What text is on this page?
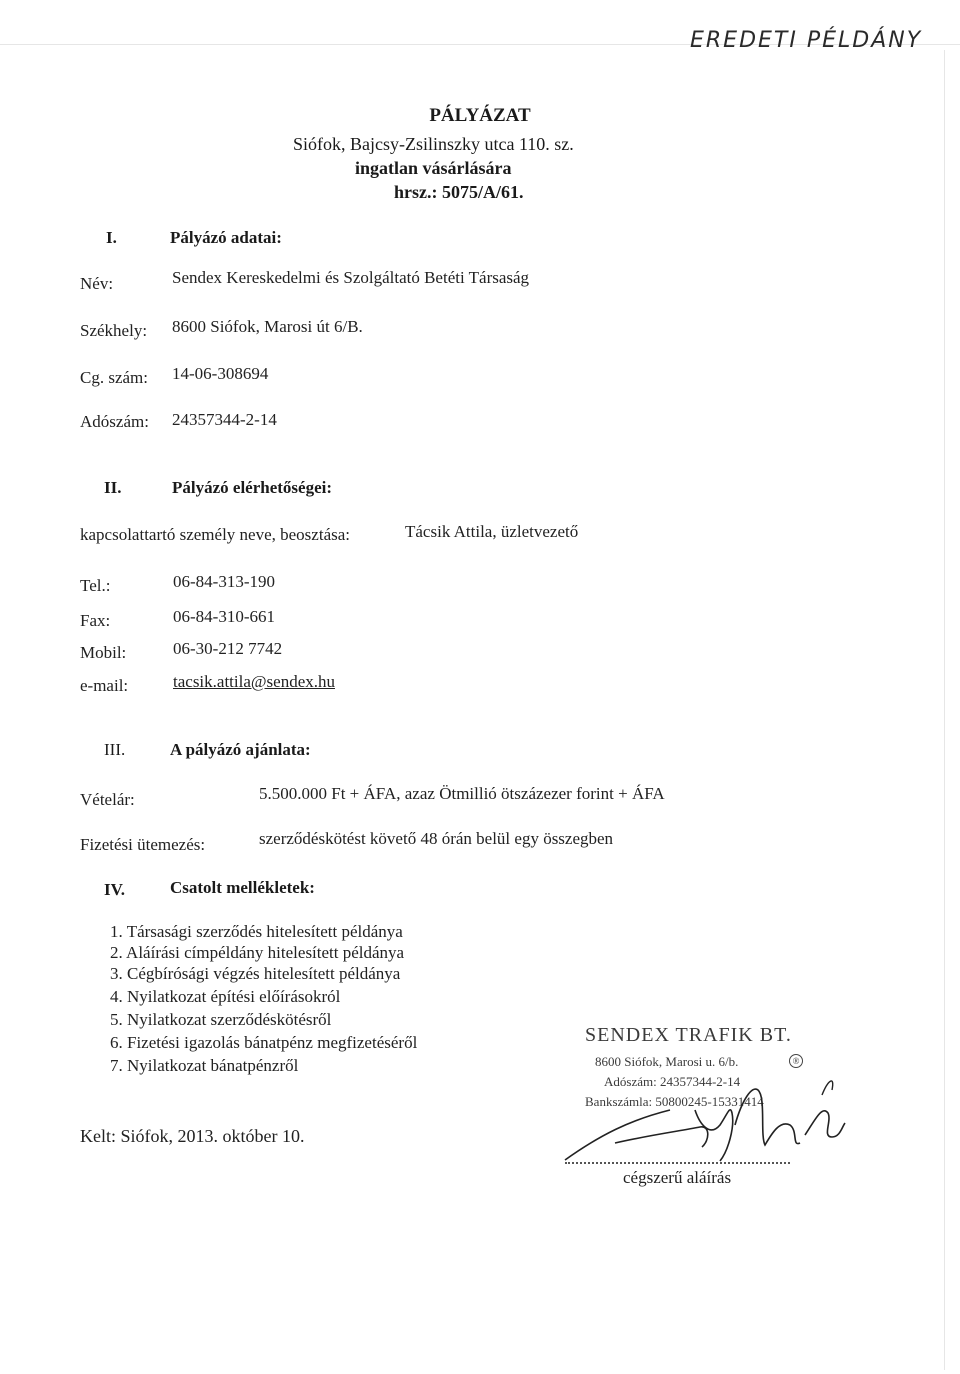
EREDETI PÉLDÁNY
PÁLYÁZAT
Siófok, Bajcsy-Zsilinszky utca 110. sz.
ingatlan vásárlására
hrsz.: 5075/A/61.
I.	Pályázó adatai:
Név:	Sendex Kereskedelmi és Szolgáltató Betéti Társaság
Székhely: 8600 Siófok, Marosi út 6/B.
Cg. szám: 14-06-308694
Adószám: 24357344-2-14
II.	Pályázó elérhetőségei:
kapcsolattartó személy neve, beosztása:	Tácsik Attila, üzletvezető
Tel.:	06-84-313-190
Fax:	06-84-310-661
Mobil:	06-30-212 7742
e-mail:	tacsik.attila@sendex.hu
III.	A pályázó ajánlata:
Vételár:	5.500.000 Ft + ÁFA, azaz Ötmillió ötszázezer forint + ÁFA
Fizetési ütemezés:	szerződéskötést követő 48 órán belül egy összegben
IV.	Csatolt mellékletek:
1. Társasági szerződés hitelesített példánya
2. Aláírási címpéldány hitelesített példánya
3. Cégbírósági végzés hitelesített példánya
4. Nyilatkozat építési előírásokról
5. Nyilatkozat szerződéskötésről
6. Fizetési igazolás bánatpénz megfizetéséről
7. Nyilatkozat bánatpénzről
Kelt: Siófok, 2013. október 10.
SENDEX TRAFIK BT.
8600 Siófok, Marosi u. 6/b.
Adószám: 24357344-2-14
Bankszámla: 50800245-15331414
®
cégszerű aláírás
